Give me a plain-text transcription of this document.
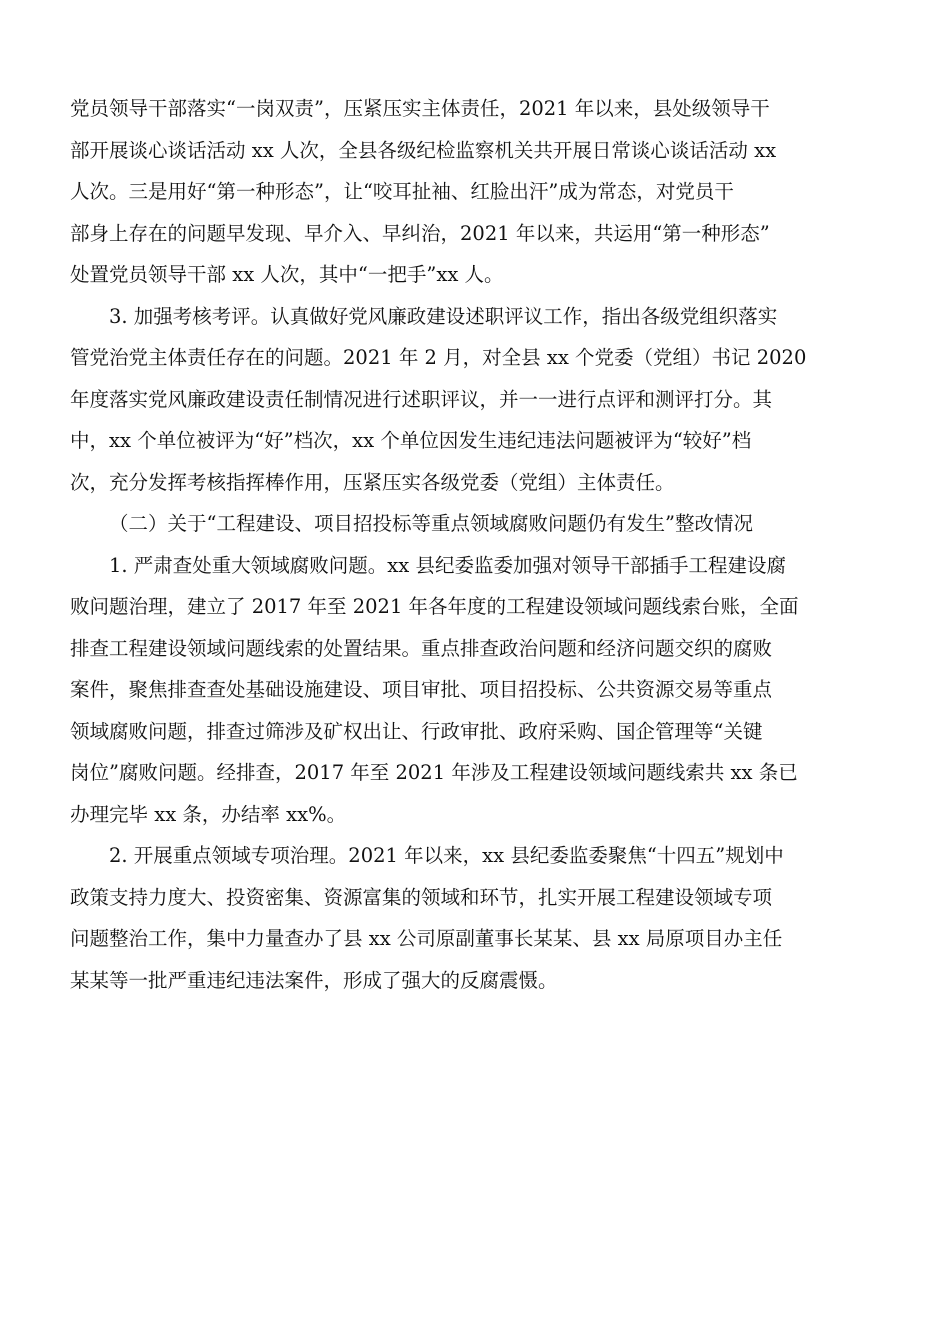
党员领导干部落实“一岗双责”，压紧压实主体责任，2021 年以来，县处级领导干
部开展谈心谈话活动 xx 人次，全县各级纪检监察机关共开展日常谈心谈话活动 xx
人次。三是用好“第一种形态”，让“咬耳扯袖、红脸出汗”成为常态，对党员干
部身上存在的问题早发现、早介入、早纠治，2021 年以来，共运用“第一种形态”
处置党员领导干部 xx 人次，其中“一把手”xx 人。

3. 加强考核考评。认真做好党风廉政建设述职评议工作，指出各级党组织落实
管党治党主体责任存在的问题。2021 年 2 月，对全县 xx 个党委（党组）书记 2020
年度落实党风廉政建设责任制情况进行述职评议，并一一进行点评和测评打分。其
中，xx 个单位被评为“好”档次，xx 个单位因发生违纪违法问题被评为“较好”档
次，充分发挥考核指挥棒作用，压紧压实各级党委（党组）主体责任。

（二）关于“工程建设、项目招投标等重点领域腐败问题仍有发生”整改情况

1. 严肃查处重大领域腐败问题。xx 县纪委监委加强对领导干部插手工程建设腐
败问题治理，建立了 2017 年至 2021 年各年度的工程建设领域问题线索台账，全面
排查工程建设领域问题线索的处置结果。重点排查政治问题和经济问题交织的腐败
案件，聚焦排查查处基础设施建设、项目审批、项目招投标、公共资源交易等重点
领域腐败问题，排查过筛涉及矿权出让、行政审批、政府采购、国企管理等“关键
岗位”腐败问题。经排查，2017 年至 2021 年涉及工程建设领域问题线索共 xx 条已
办理完毕 xx 条，办结率 xx%。

2. 开展重点领域专项治理。2021 年以来，xx 县纪委监委聚焦“十四五”规划中
政策支持力度大、投资密集、资源富集的领域和环节，扎实开展工程建设领域专项
问题整治工作，集中力量查办了县 xx 公司原副董事长某某、县 xx 局原项目办主任
某某等一批严重违纪违法案件，形成了强大的反腐震慑。
